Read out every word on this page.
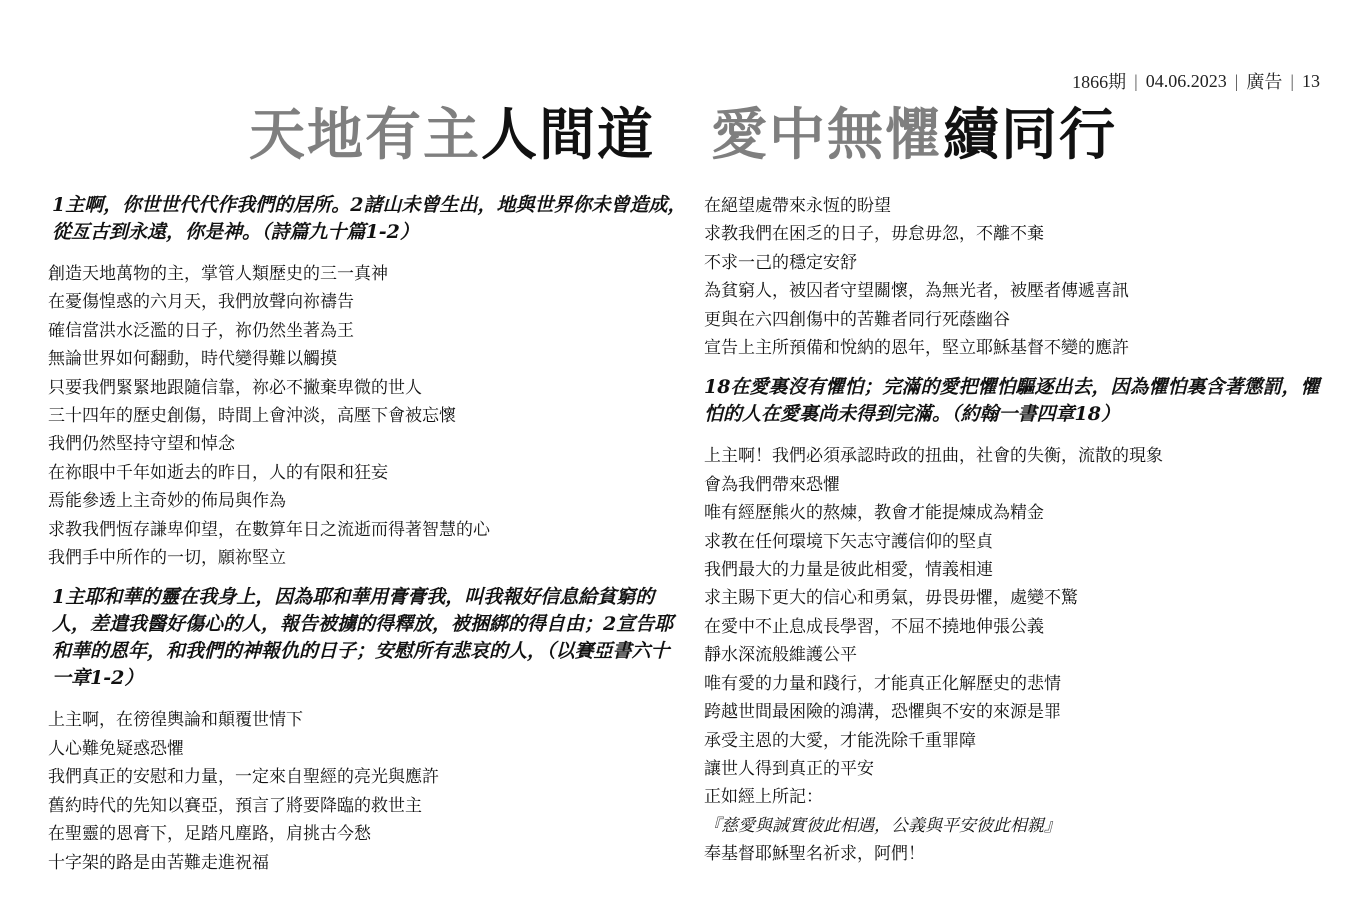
1866期 | 04.06.2023 | 廣告 | 13
天地有主人間道 愛中無懼續同行

1主啊，你世世代代作我們的居所。2諸山未曾生出，地與世界你未曾造成，從亙古到永遠，你是神。（詩篇九十篇1-2）

創造天地萬物的主，掌管人類歷史的三一真神
在憂傷惶惑的六月天，我們放聲向祢禱告
確信當洪水泛濫的日子，祢仍然坐著為王
無論世界如何翻動，時代變得難以觸摸
只要我們緊緊地跟隨信靠，祢必不撇棄卑微的世人
三十四年的歷史創傷，時間上會沖淡，高壓下會被忘懷
我們仍然堅持守望和悼念
在祢眼中千年如逝去的昨日，人的有限和狂妄
焉能參透上主奇妙的佈局與作為
求教我們恆存謙卑仰望，在數算年日之流逝而得著智慧的心
我們手中所作的一切，願祢堅立

1主耶和華的靈在我身上，因為耶和華用膏膏我，叫我報好信息給貧窮的人，差遣我醫好傷心的人，報告被擄的得釋放，被捆綁的得自由；2宣告耶和華的恩年，和我們的神報仇的日子；安慰所有悲哀的人，（以賽亞書六十一章1-2）

上主啊，在徬徨輿論和顛覆世情下
人心難免疑惑恐懼
我們真正的安慰和力量，一定來自聖經的亮光與應許
舊約時代的先知以賽亞，預言了將要降臨的救世主
在聖靈的恩膏下，足踏凡塵路，肩挑古今愁
十字架的路是由苦難走進祝福
在絕望處帶來永恆的盼望
求教我們在困乏的日子，毋怠毋忽，不離不棄
不求一己的穩定安舒
為貧窮人，被囚者守望關懷，為無光者，被壓者傳遞喜訊
更與在六四創傷中的苦難者同行死蔭幽谷
宣告上主所預備和悅納的恩年，堅立耶穌基督不變的應許

18在愛裏沒有懼怕；完滿的愛把懼怕驅逐出去，因為懼怕裏含著懲罰，懼怕的人在愛裏尚未得到完滿。（約翰一書四章18）

上主啊！我們必須承認時政的扭曲，社會的失衡，流散的現象
會為我們帶來恐懼
唯有經歷熊火的熬煉，教會才能提煉成為精金
求教在任何環境下矢志守護信仰的堅貞
我們最大的力量是彼此相愛，情義相連
求主賜下更大的信心和勇氣，毋畏毋懼，處變不驚
在愛中不止息成長學習，不屈不撓地伸張公義
靜水深流般維護公平
唯有愛的力量和踐行，才能真正化解歷史的悲情
跨越世間最困險的鴻溝，恐懼與不安的來源是罪
承受主恩的大愛，才能洗除千重罪障
讓世人得到真正的平安
正如經上所記：
『慈愛與誠實彼此相遇，公義與平安彼此相親』
奉基督耶穌聖名祈求，阿們！
